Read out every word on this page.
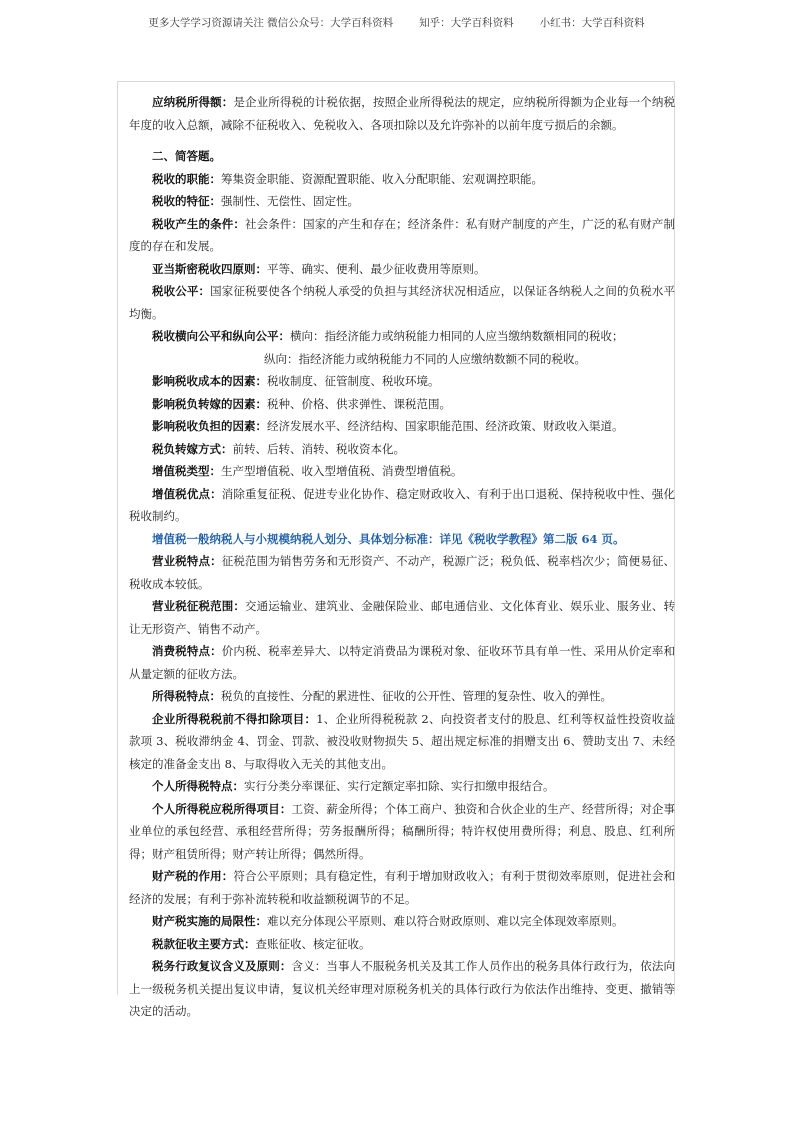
更多大学学习资源请关注 微信公众号：大学百科资料 知乎：大学百科资料 小红书：大学百科资料

应纳税所得额：是企业所得税的计税依据，按照企业所得税法的规定，应纳税所得额为企业每一个纳税年度的收入总额，减除不征税收入、免税收入、各项扣除以及允许弥补的以前年度亏损后的余额。

二、简答题。

税收的职能：筹集资金职能、资源配置职能、收入分配职能、宏观调控职能。

税收的特征：强制性、无偿性、固定性。

税收产生的条件：社会条件：国家的产生和存在；经济条件：私有财产制度的产生，广泛的私有财产制度的存在和发展。

亚当斯密税收四原则：平等、确实、便利、最少征收费用等原则。

税收公平：国家征税要使各个纳税人承受的负担与其经济状况相适应，以保证各纳税人之间的负税水平均衡。

税收横向公平和纵向公平：横向：指经济能力或纳税能力相同的人应当缴纳数额相同的税收；

纵向：指经济能力或纳税能力不同的人应缴纳数额不同的税收。

影响税收成本的因素：税收制度、征管制度、税收环境。

影响税负转嫁的因素：税种、价格、供求弹性、课税范围。

影响税收负担的因素：经济发展水平、经济结构、国家职能范围、经济政策、财政收入渠道。

税负转嫁方式：前转、后转、消转、税收资本化。

增值税类型：生产型增值税、收入型增值税、消费型增值税。

增值税优点：消除重复征税、促进专业化协作、稳定财政收入、有利于出口退税、保持税收中性、强化税收制约。

增值税一般纳税人与小规模纳税人划分、具体划分标准：详见《税收学教程》第二版 64 页。

营业税特点：征税范围为销售劳务和无形资产、不动产，税源广泛；税负低、税率档次少；简便易征、税收成本较低。

营业税征税范围：交通运输业、建筑业、金融保险业、邮电通信业、文化体育业、娱乐业、服务业、转让无形资产、销售不动产。

消费税特点：价内税、税率差异大、以特定消费品为课税对象、征收环节具有单一性、采用从价定率和从量定额的征收方法。

所得税特点：税负的直接性、分配的累进性、征收的公开性、管理的复杂性、收入的弹性。

企业所得税税前不得扣除项目：1、企业所得税税款 2、向投资者支付的股息、红利等权益性投资收益款项 3、税收滞纳金 4、罚金、罚款、被没收财物损失 5、超出规定标准的捐赠支出 6、赞助支出 7、未经核定的准备金支出 8、与取得收入无关的其他支出。

个人所得税特点：实行分类分率课征、实行定额定率扣除、实行扣缴申报结合。

个人所得税应税所得项目：工资、薪金所得；个体工商户、独资和合伙企业的生产、经营所得；对企事业单位的承包经营、承租经营所得；劳务报酬所得；稿酬所得；特许权使用费所得；利息、股息、红利所得；财产租赁所得；财产转让所得；偶然所得。

财产税的作用：符合公平原则；具有稳定性，有利于增加财政收入；有利于贯彻效率原则，促进社会和经济的发展；有利于弥补流转税和收益额税调节的不足。

财产税实施的局限性：难以充分体现公平原则、难以符合财政原则、难以完全体现效率原则。

税款征收主要方式：查账征收、核定征收。

税务行政复议含义及原则：含义：当事人不服税务机关及其工作人员作出的税务具体行政行为，依法向上一级税务机关提出复议申请，复议机关经审理对原税务机关的具体行政行为依法作出维持、变更、撤销等决定的活动。
